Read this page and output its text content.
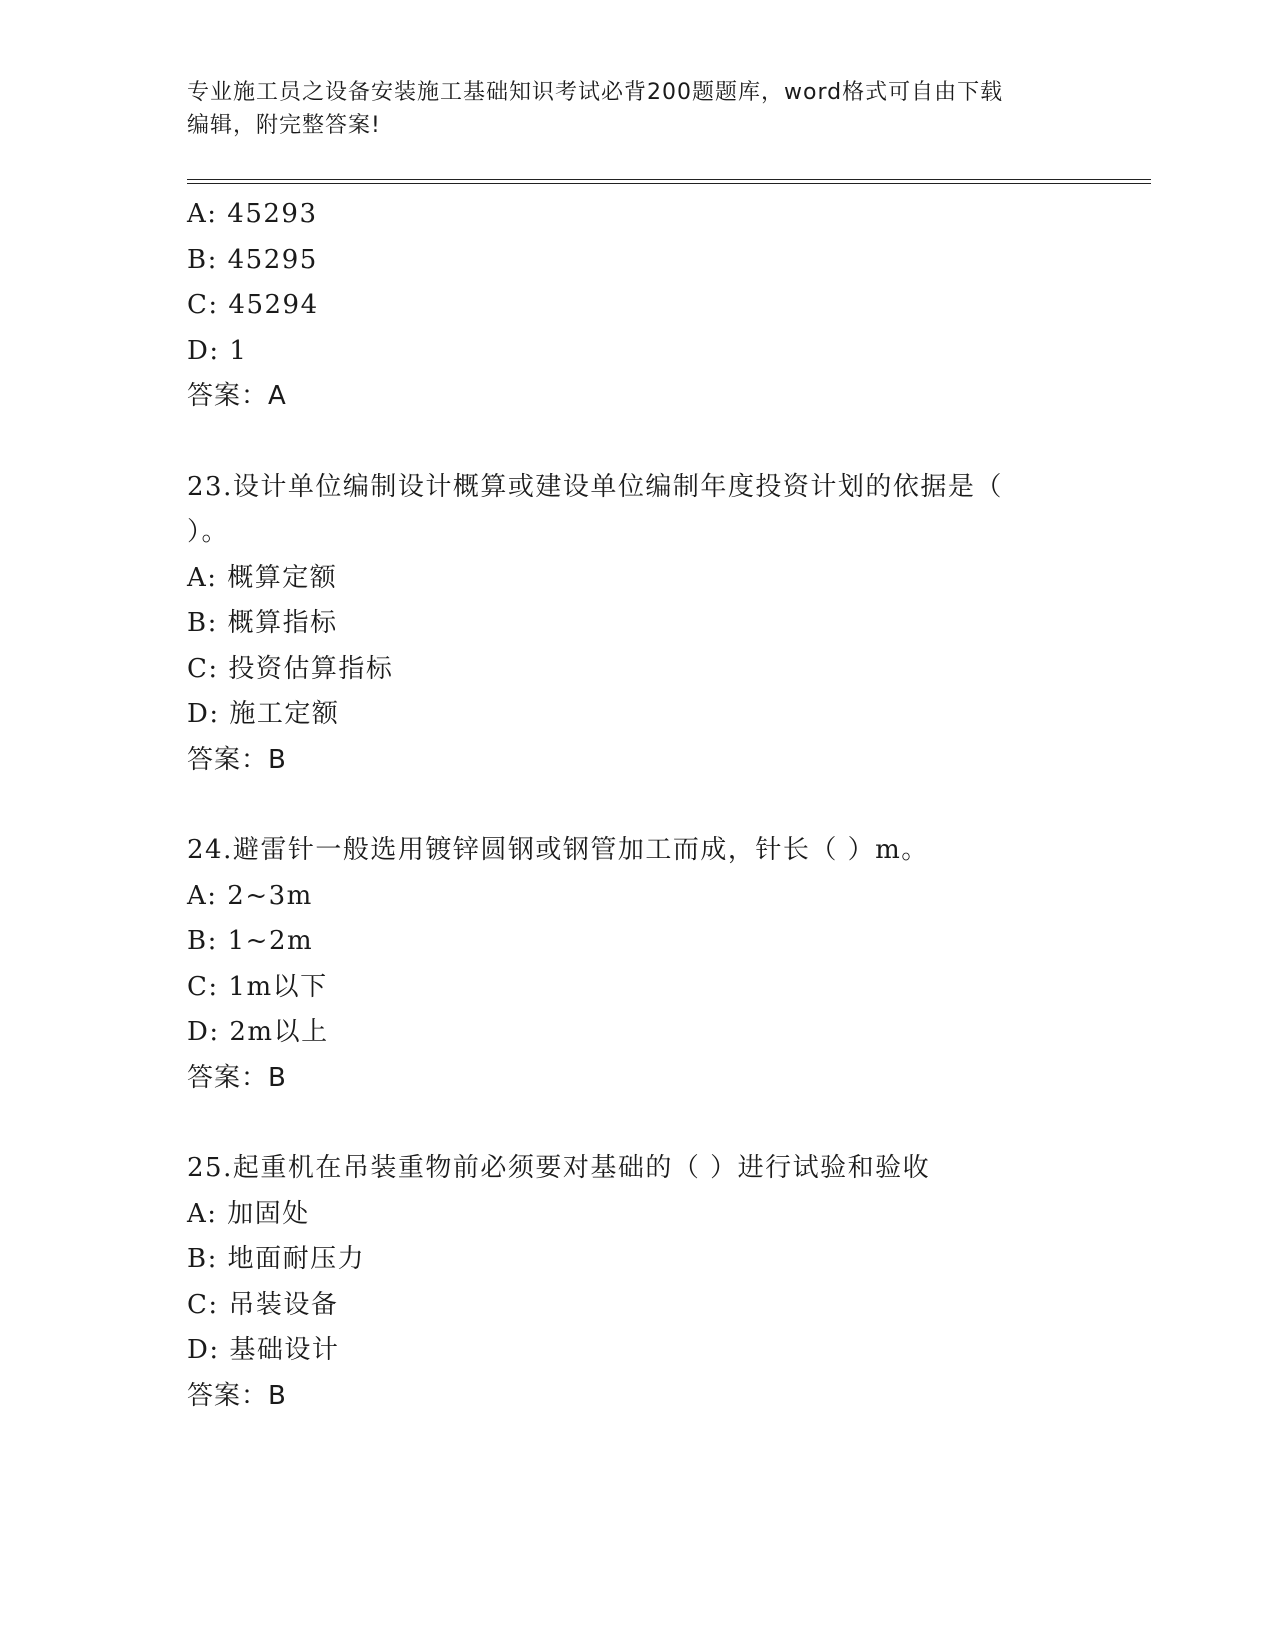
专业施工员之设备安装施工基础知识考试必背200题题库，word格式可自由下载
编辑，附完整答案!
A: 45293
B: 45295
C: 45294
D: 1
答案：A
23.设计单位编制设计概算或建设单位编制年度投资计划的依据是（
）。
A: 概算定额
B: 概算指标
C: 投资估算指标
D: 施工定额
答案：B
24.避雷针一般选用镀锌圆钢或钢管加工而成，针长（ ）m。
A: 2~3m
B: 1~2m
C: 1m以下
D: 2m以上
答案：B
25.起重机在吊装重物前必须要对基础的（ ）进行试验和验收
A: 加固处
B: 地面耐压力
C: 吊装设备
D: 基础设计
答案：B
